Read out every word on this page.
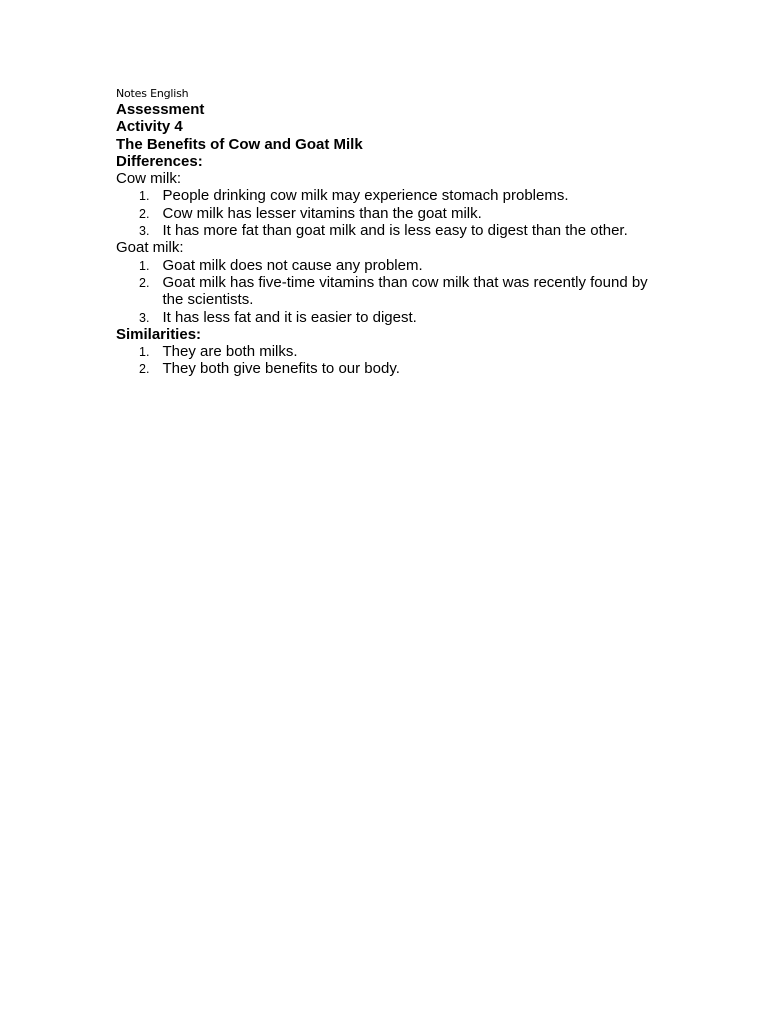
Notes English
Assessment
Activity 4
The Benefits of Cow and Goat Milk
Differences:
Cow milk:
1. People drinking cow milk may experience stomach problems.
2. Cow milk has lesser vitamins than the goat milk.
3. It has more fat than goat milk and is less easy to digest than the other.
Goat milk:
1. Goat milk does not cause any problem.
2. Goat milk has five-time vitamins than cow milk that was recently found by the scientists.
3. It has less fat and it is easier to digest.
Similarities:
1. They are both milks.
2. They both give benefits to our body.
